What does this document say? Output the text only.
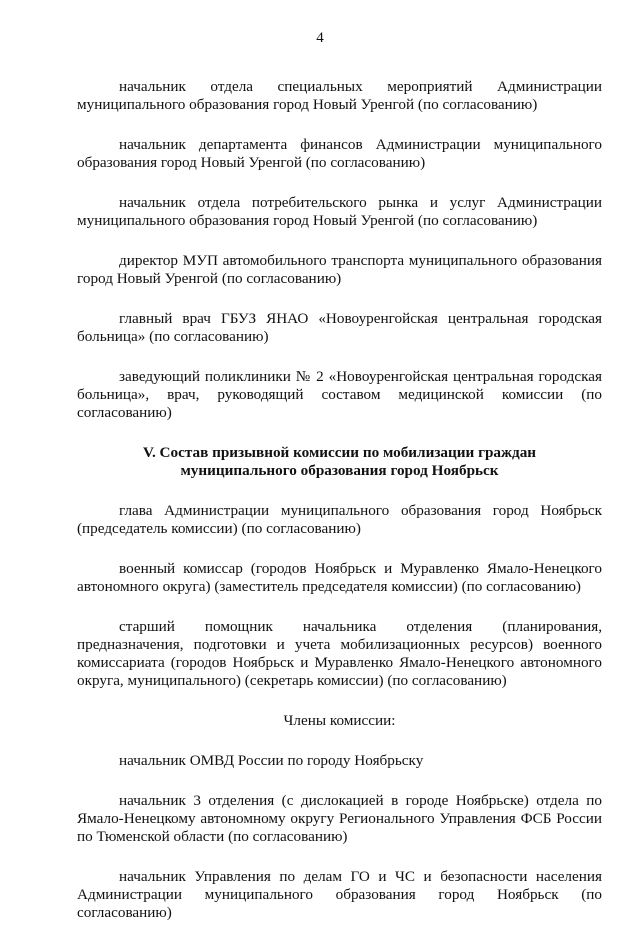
4

начальник отдела специальных мероприятий Администрации муниципального образования город Новый Уренгой (по согласованию)

начальник департамента финансов Администрации муниципального образования город Новый Уренгой (по согласованию)

начальник отдела потребительского рынка и услуг Администрации муниципального образования город Новый Уренгой (по согласованию)

директор МУП автомобильного транспорта муниципального образования город Новый Уренгой (по согласованию)

главный врач ГБУЗ ЯНАО «Новоуренгойская центральная городская больница» (по согласованию)

заведующий поликлиники № 2 «Новоуренгойская центральная городская больница», врач, руководящий составом медицинской комиссии (по согласованию)

V. Состав призывной комиссии по мобилизации граждан
муниципального образования город Ноябрьск

глава Администрации муниципального образования город Ноябрьск (председатель комиссии) (по согласованию)

военный комиссар (городов Ноябрьск и Муравленко Ямало-Ненецкого автономного округа) (заместитель председателя комиссии) (по согласованию)

старший помощник начальника отделения (планирования, предназначения, подготовки и учета мобилизационных ресурсов) военного комиссариата (городов Ноябрьск и Муравленко Ямало-Ненецкого автономного округа, муниципального) (секретарь комиссии) (по согласованию)

Члены комиссии:

начальник ОМВД России по городу Ноябрьску

начальник 3 отделения (с дислокацией в городе Ноябрьске) отдела по Ямало-Ненецкому автономному округу Регионального Управления ФСБ России по Тюменской области (по согласованию)

начальник Управления по делам ГО и ЧС и безопасности населения Администрации муниципального образования город Ноябрьск (по согласованию)
